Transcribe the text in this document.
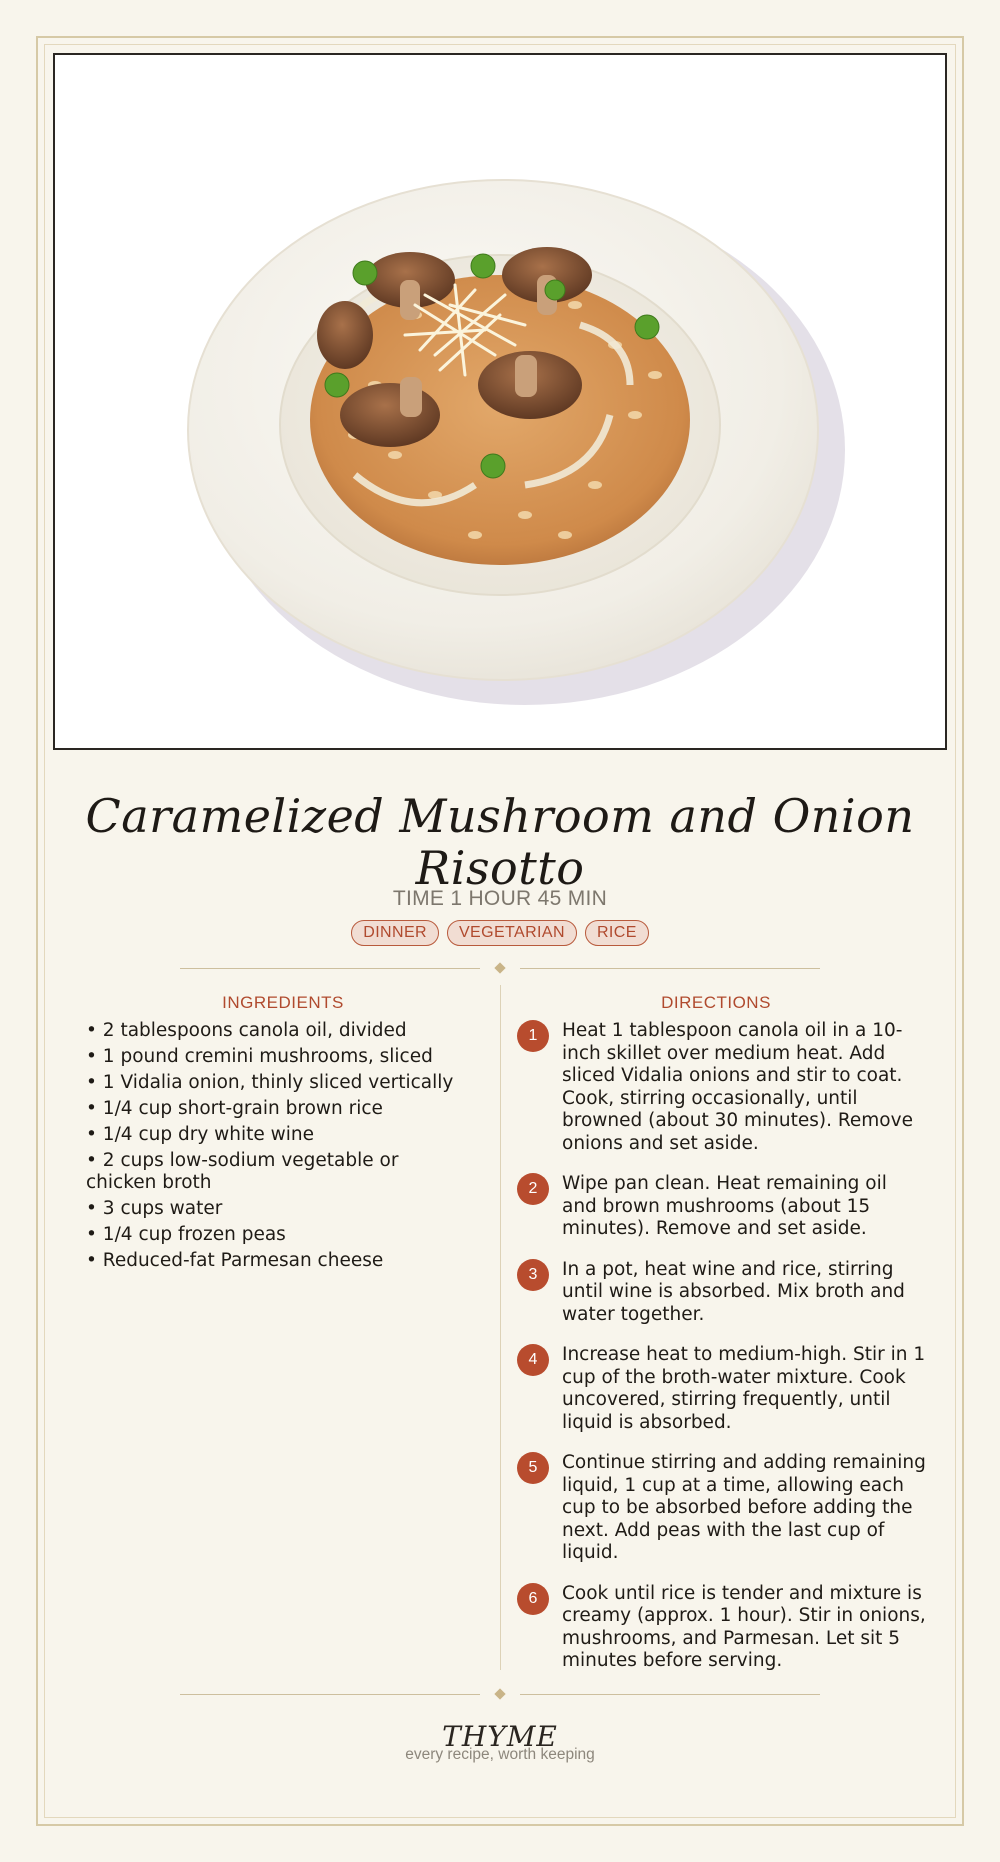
Caramelized Mushroom and Onion Risotto
TIME 1 HOUR 45 MIN
DINNER	VEGETARIAN	RICE
INGREDIENTS
• 2 tablespoons canola oil, divided
• 1 pound cremini mushrooms, sliced
• 1 Vidalia onion, thinly sliced vertically
• 1/4 cup short-grain brown rice
• 1/4 cup dry white wine
• 2 cups low-sodium vegetable or chicken broth
• 3 cups water
• 1/4 cup frozen peas
• Reduced-fat Parmesan cheese
DIRECTIONS
1	Heat 1 tablespoon canola oil in a 10-inch skillet over medium heat. Add sliced Vidalia onions and stir to coat. Cook, stirring occasionally, until browned (about 30 minutes). Remove onions and set aside.
2	Wipe pan clean. Heat remaining oil and brown mushrooms (about 15 minutes). Remove and set aside.
3	In a pot, heat wine and rice, stirring until wine is absorbed. Mix broth and water together.
4	Increase heat to medium-high. Stir in 1 cup of the broth-water mixture. Cook uncovered, stirring frequently, until liquid is absorbed.
5	Continue stirring and adding remaining liquid, 1 cup at a time, allowing each cup to be absorbed before adding the next. Add peas with the last cup of liquid.
6	Cook until rice is tender and mixture is creamy (approx. 1 hour). Stir in onions, mushrooms, and Parmesan. Let sit 5 minutes before serving.
THYME
every recipe, worth keeping
